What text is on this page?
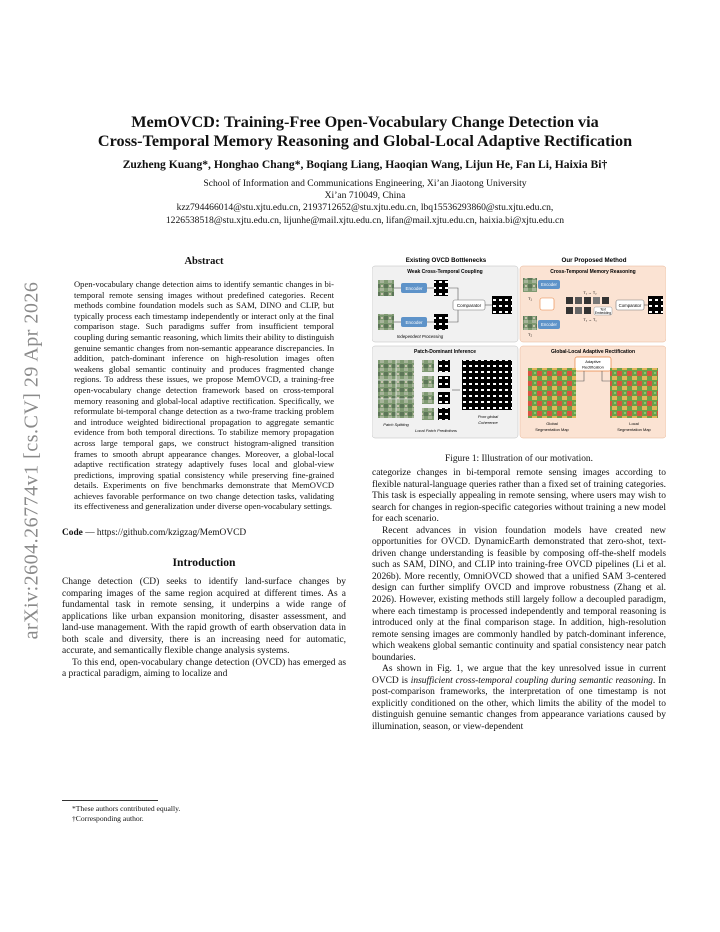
arXiv:2604.26774v1 [cs.CV] 29 Apr 2026
MemOVCD: Training-Free Open-Vocabulary Change Detection via
Cross-Temporal Memory Reasoning and Global-Local Adaptive Rectification
Zuzheng Kuang*, Honghao Chang*, Boqiang Liang, Haoqian Wang, Lijun He, Fan Li, Haixia Bi†
School of Information and Communications Engineering, Xi’an Jiaotong University
Xi’an 710049, China
kzz794466014@stu.xjtu.edu.cn, 2193712652@stu.xjtu.edu.cn, lbq15536293860@stu.xjtu.edu.cn,
1226538518@stu.xjtu.edu.cn, lijunhe@mail.xjtu.edu.cn, lifan@mail.xjtu.edu.cn, haixia.bi@xjtu.edu.cn
Abstract

Open-vocabulary change detection aims to identify semantic changes in bi-temporal remote sensing images without predefined categories. Recent methods combine foundation models such as SAM, DINO and CLIP, but typically process each timestamp independently or interact only at the final comparison stage. Such paradigms suffer from insufficient temporal coupling during semantic reasoning, which limits their ability to distinguish genuine semantic changes from non-semantic appearance discrepancies. In addition, patch-dominant inference on high-resolution images often weakens global semantic continuity and produces fragmented change regions. To address these issues, we propose MemOVCD, a training-free open-vocabulary change detection framework based on cross-temporal memory reasoning and global-local adaptive rectification. Specifically, we reformulate bi-temporal change detection as a two-frame tracking problem and introduce weighted bidirectional propagation to aggregate semantic evidence from both temporal directions. To stabilize memory propagation across large temporal gaps, we construct histogram-aligned transition frames to smooth abrupt appearance changes. Moreover, a global-local adaptive rectification strategy adaptively fuses local and global-view predictions, improving spatial consistency while preserving fine-grained details. Experiments on five benchmarks demonstrate that MemOVCD achieves favorable performance on two change detection tasks, validating its effectiveness and generalization under diverse open-vocabulary settings.

Code — https://github.com/kzigzag/MemOVCD
Introduction

Change detection (CD) seeks to identify land-surface changes by comparing images of the same region acquired at different times. As a fundamental task in remote sensing, it underpins a wide range of applications like urban expansion monitoring, disaster assessment, and land-use management. With the rapid growth of earth observation data in both scale and diversity, there is an increasing need for automatic, accurate, and semantically flexible change analysis systems.

To this end, open-vocabulary change detection (OVCD) has emerged as a practical paradigm, aiming to localize and

*These authors contributed equally.
†Corresponding author.
Existing OVCD Bottlenecks	Our Proposed Method
Weak Cross-Temporal Coupling
Encoder
Encoder
Comparator
Independent Processing
Cross-Temporal Memory Reasoning
T₁
T₂
Encoder
Encoder
T₁ → T₂
T₂ → T₁
Text
Embedding
Comparator
Patch-Dominant Inference
Patch Splitting
Local Patch Predictions
Poor global
Coherence
Global-Local Adaptive Rectification
Adaptive
Rectification
Global
Segmentation Map
Local
Segmentation Map
Figure 1: Illustration of our motivation.

categorize changes in bi-temporal remote sensing images according to flexible natural-language queries rather than a fixed set of training categories. This task is especially appealing in remote sensing, where users may wish to search for changes in region-specific categories without training a new model for each scenario.

Recent advances in vision foundation models have created new opportunities for OVCD. DynamicEarth demonstrated that zero-shot, text-driven change understanding is feasible by composing off-the-shelf models such as SAM, DINO, and CLIP into training-free OVCD pipelines (Li et al. 2026b). More recently, OmniOVCD showed that a unified SAM 3-centered design can further simplify OVCD and improve robustness (Zhang et al. 2026). However, existing methods still largely follow a decoupled paradigm, where each timestamp is processed independently and temporal reasoning is introduced only at the final comparison stage. In addition, high-resolution remote sensing images are commonly handled by patch-dominant inference, which weakens global semantic continuity and spatial consistency near patch boundaries.

As shown in Fig. 1, we argue that the key unresolved issue in current OVCD is insufficient cross-temporal coupling during semantic reasoning. In post-comparison frameworks, the interpretation of one timestamp is not explicitly conditioned on the other, which limits the ability of the model to distinguish genuine semantic changes from appearance variations caused by illumination, season, or view-dependent
